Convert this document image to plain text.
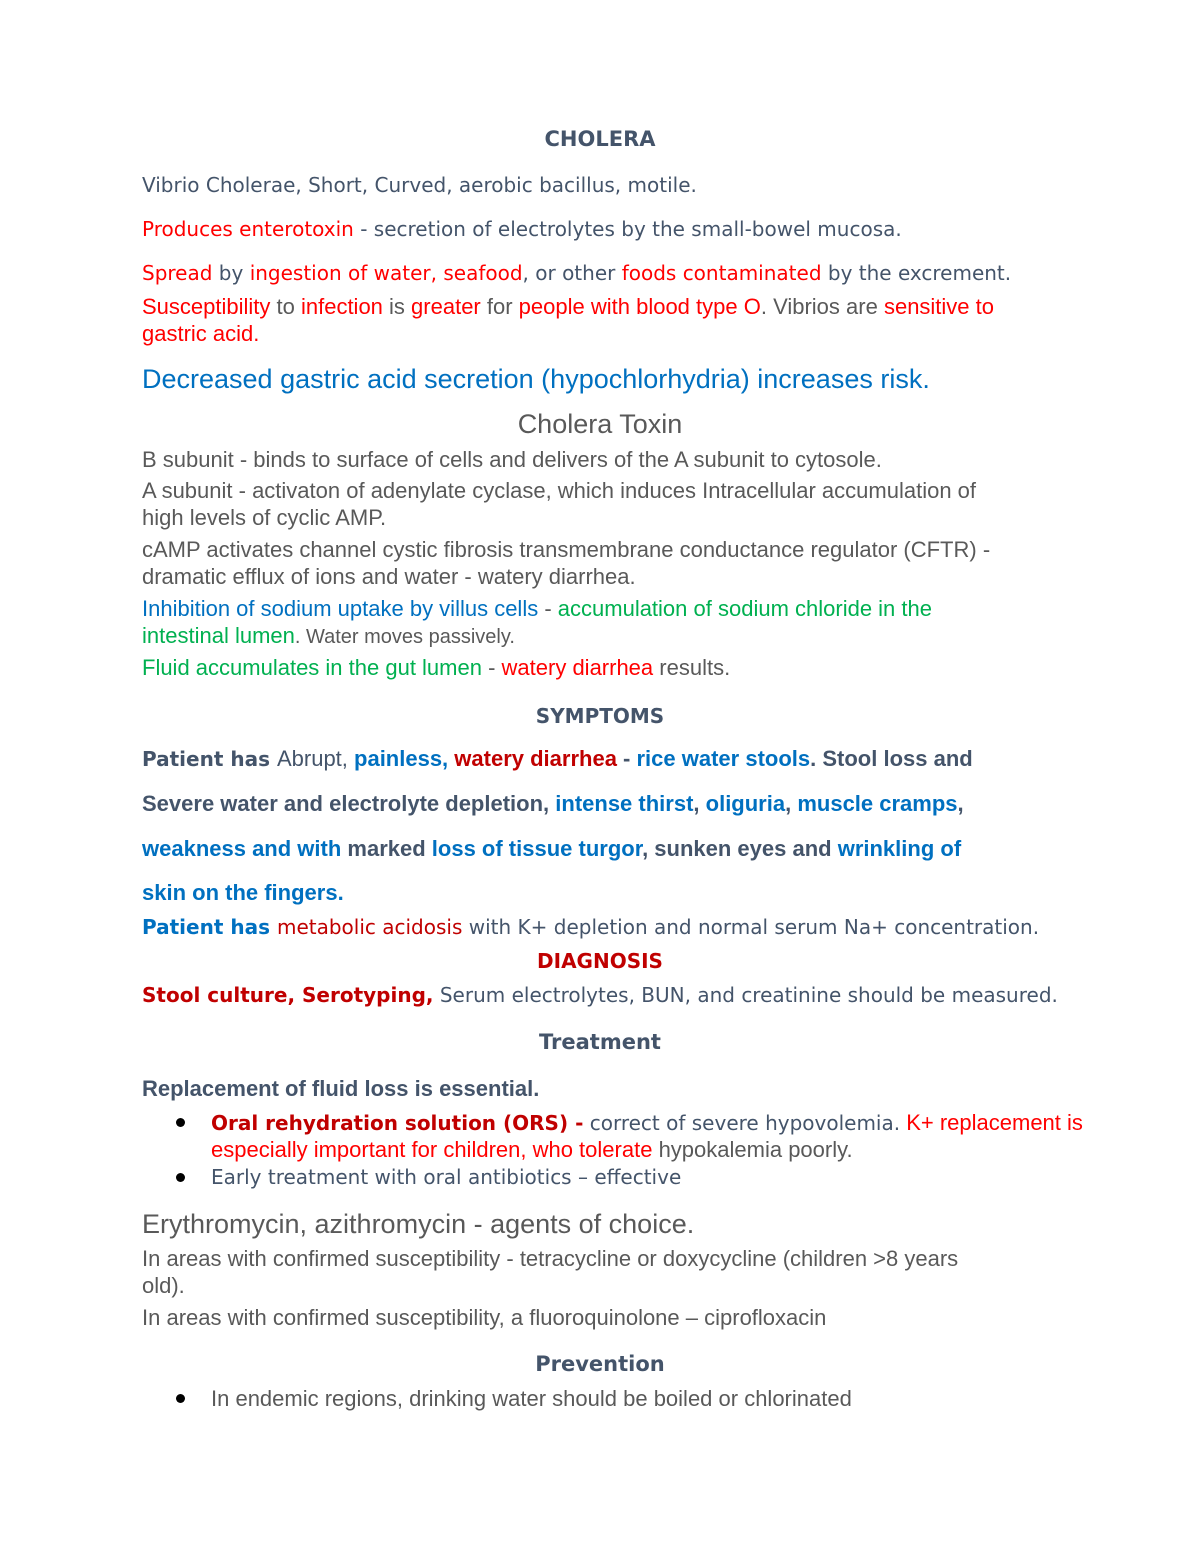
CHOLERA

Vibrio Cholerae, Short, Curved, aerobic bacillus, motile.

Produces enterotoxin - secretion of electrolytes by the small-bowel mucosa.

Spread by ingestion of water, seafood, or other foods contaminated by the excrement.

Susceptibility to infection is greater for people with blood type O. Vibrios are sensitive to

gastric acid.

Decreased gastric acid secretion (hypochlorhydria) increases risk.

Cholera Toxin

B subunit - binds to surface of cells and delivers of the A subunit to cytosole.

A subunit - activaton of adenylate cyclase, which induces Intracellular accumulation of

high levels of cyclic AMP.

cAMP activates channel cystic fibrosis transmembrane conductance regulator (CFTR) -

dramatic efflux of ions and water - watery diarrhea.

Inhibition of sodium uptake by villus cells - accumulation of sodium chloride in the

intestinal lumen. Water moves passively.

Fluid accumulates in the gut lumen - watery diarrhea results.

SYMPTOMS

Patient has Abrupt, painless, watery diarrhea - rice water stools. Stool loss and

Severe water and electrolyte depletion, intense thirst, oliguria, muscle cramps,

weakness and with marked loss of tissue turgor, sunken eyes and wrinkling of

skin on the fingers.

Patient has metabolic acidosis with K+ depletion and normal serum Na+ concentration.

DIAGNOSIS

Stool culture, Serotyping, Serum electrolytes, BUN, and creatinine should be measured.

Treatment

Replacement of fluid loss is essential.

Oral rehydration solution (ORS) - correct of severe hypovolemia. K+ replacement is

especially important for children, who tolerate hypokalemia poorly.

Early treatment with oral antibiotics – effective

Erythromycin, azithromycin - agents of choice.

In areas with confirmed susceptibility - tetracycline or doxycycline (children >8 years

old).

In areas with confirmed susceptibility, a fluoroquinolone – ciprofloxacin

Prevention

In endemic regions, drinking water should be boiled or chlorinated
